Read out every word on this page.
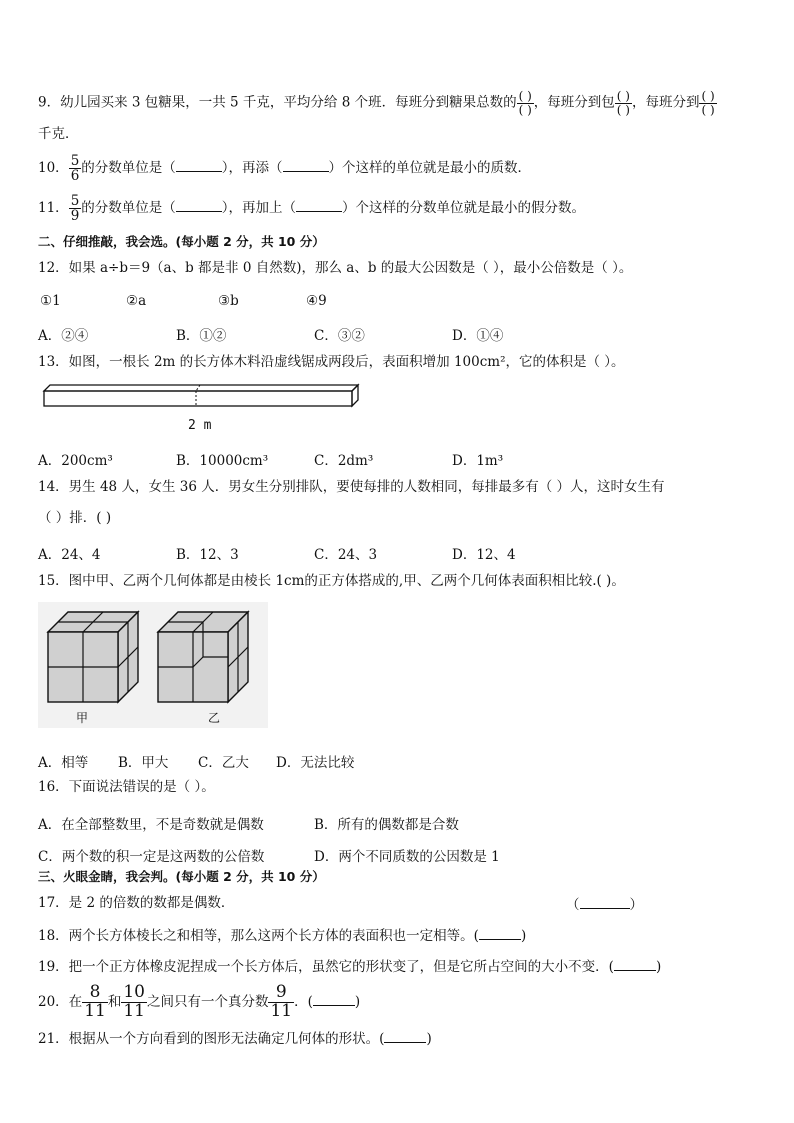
9．幼儿园买来 3 包糖果，一共 5 千克，平均分给 8 个班．每班分到糖果总数的 $\frac{( )}{( )}$ ，每班分到包 $\frac{( )}{( )}$ ，每班分到 $\frac{( )}{( )}$
千克．
10． $\frac{5}{6}$ 的分数单位是（	），再添（	）个这样的单位就是最小的质数．
11． $\frac{5}{9}$ 的分数单位是（	），再加上（	）个这样的分数单位就是最小的假分数。
二、仔细推敲，我会选。(每小题 2 分，共 10 分）
12．如果 a÷b＝9（a、b 都是非 0 自然数)，那么 a、b 的最大公因数是（ ），最小公倍数是（ ）。
①1	②a	③b	④9
A．②④	B．①②	C．③②	D．①④
13．如图，一根长 2m 的长方体木料沿虚线锯成两段后，表面积增加 100cm²，它的体积是（ ）。
2 m
A．200cm³	B．10000cm³	C．2dm³	D．1m³
14．男生 48 人，女生 36 人．男女生分别排队，要使每排的人数相同，每排最多有（ ）人，这时女生有
（ ）排．( )
A．24、4	B．12、3	C．24、3	D．12、4
15．图中甲、乙两个几何体都是由棱长 1cm的正方体搭成的,甲、乙两个几何体表面积相比较.( )。
甲	乙
A．相等 B．甲大 C．乙大 D．无法比较
16．下面说法错误的是（ ）。
A．在全部整数里，不是奇数就是偶数	B．所有的偶数都是合数
C．两个数的积一定是这两数的公倍数	D．两个不同质数的公因数是 1
三、火眼金睛，我会判。(每小题 2 分，共 10 分）
17．是 2 的倍数的数都是偶数．	（	）
18．两个长方体棱长之和相等，那么这两个长方体的表面积也一定相等。(	)
19．把一个正方体橡皮泥捏成一个长方体后，虽然它的形状变了，但是它所占空间的大小不变．(	)
20．在 $\frac{8}{11}$ 和 $\frac{10}{11}$ 之间只有一个真分数 $\frac{9}{11}$ ．(	)
21．根据从一个方向看到的图形无法确定几何体的形状。(	)
